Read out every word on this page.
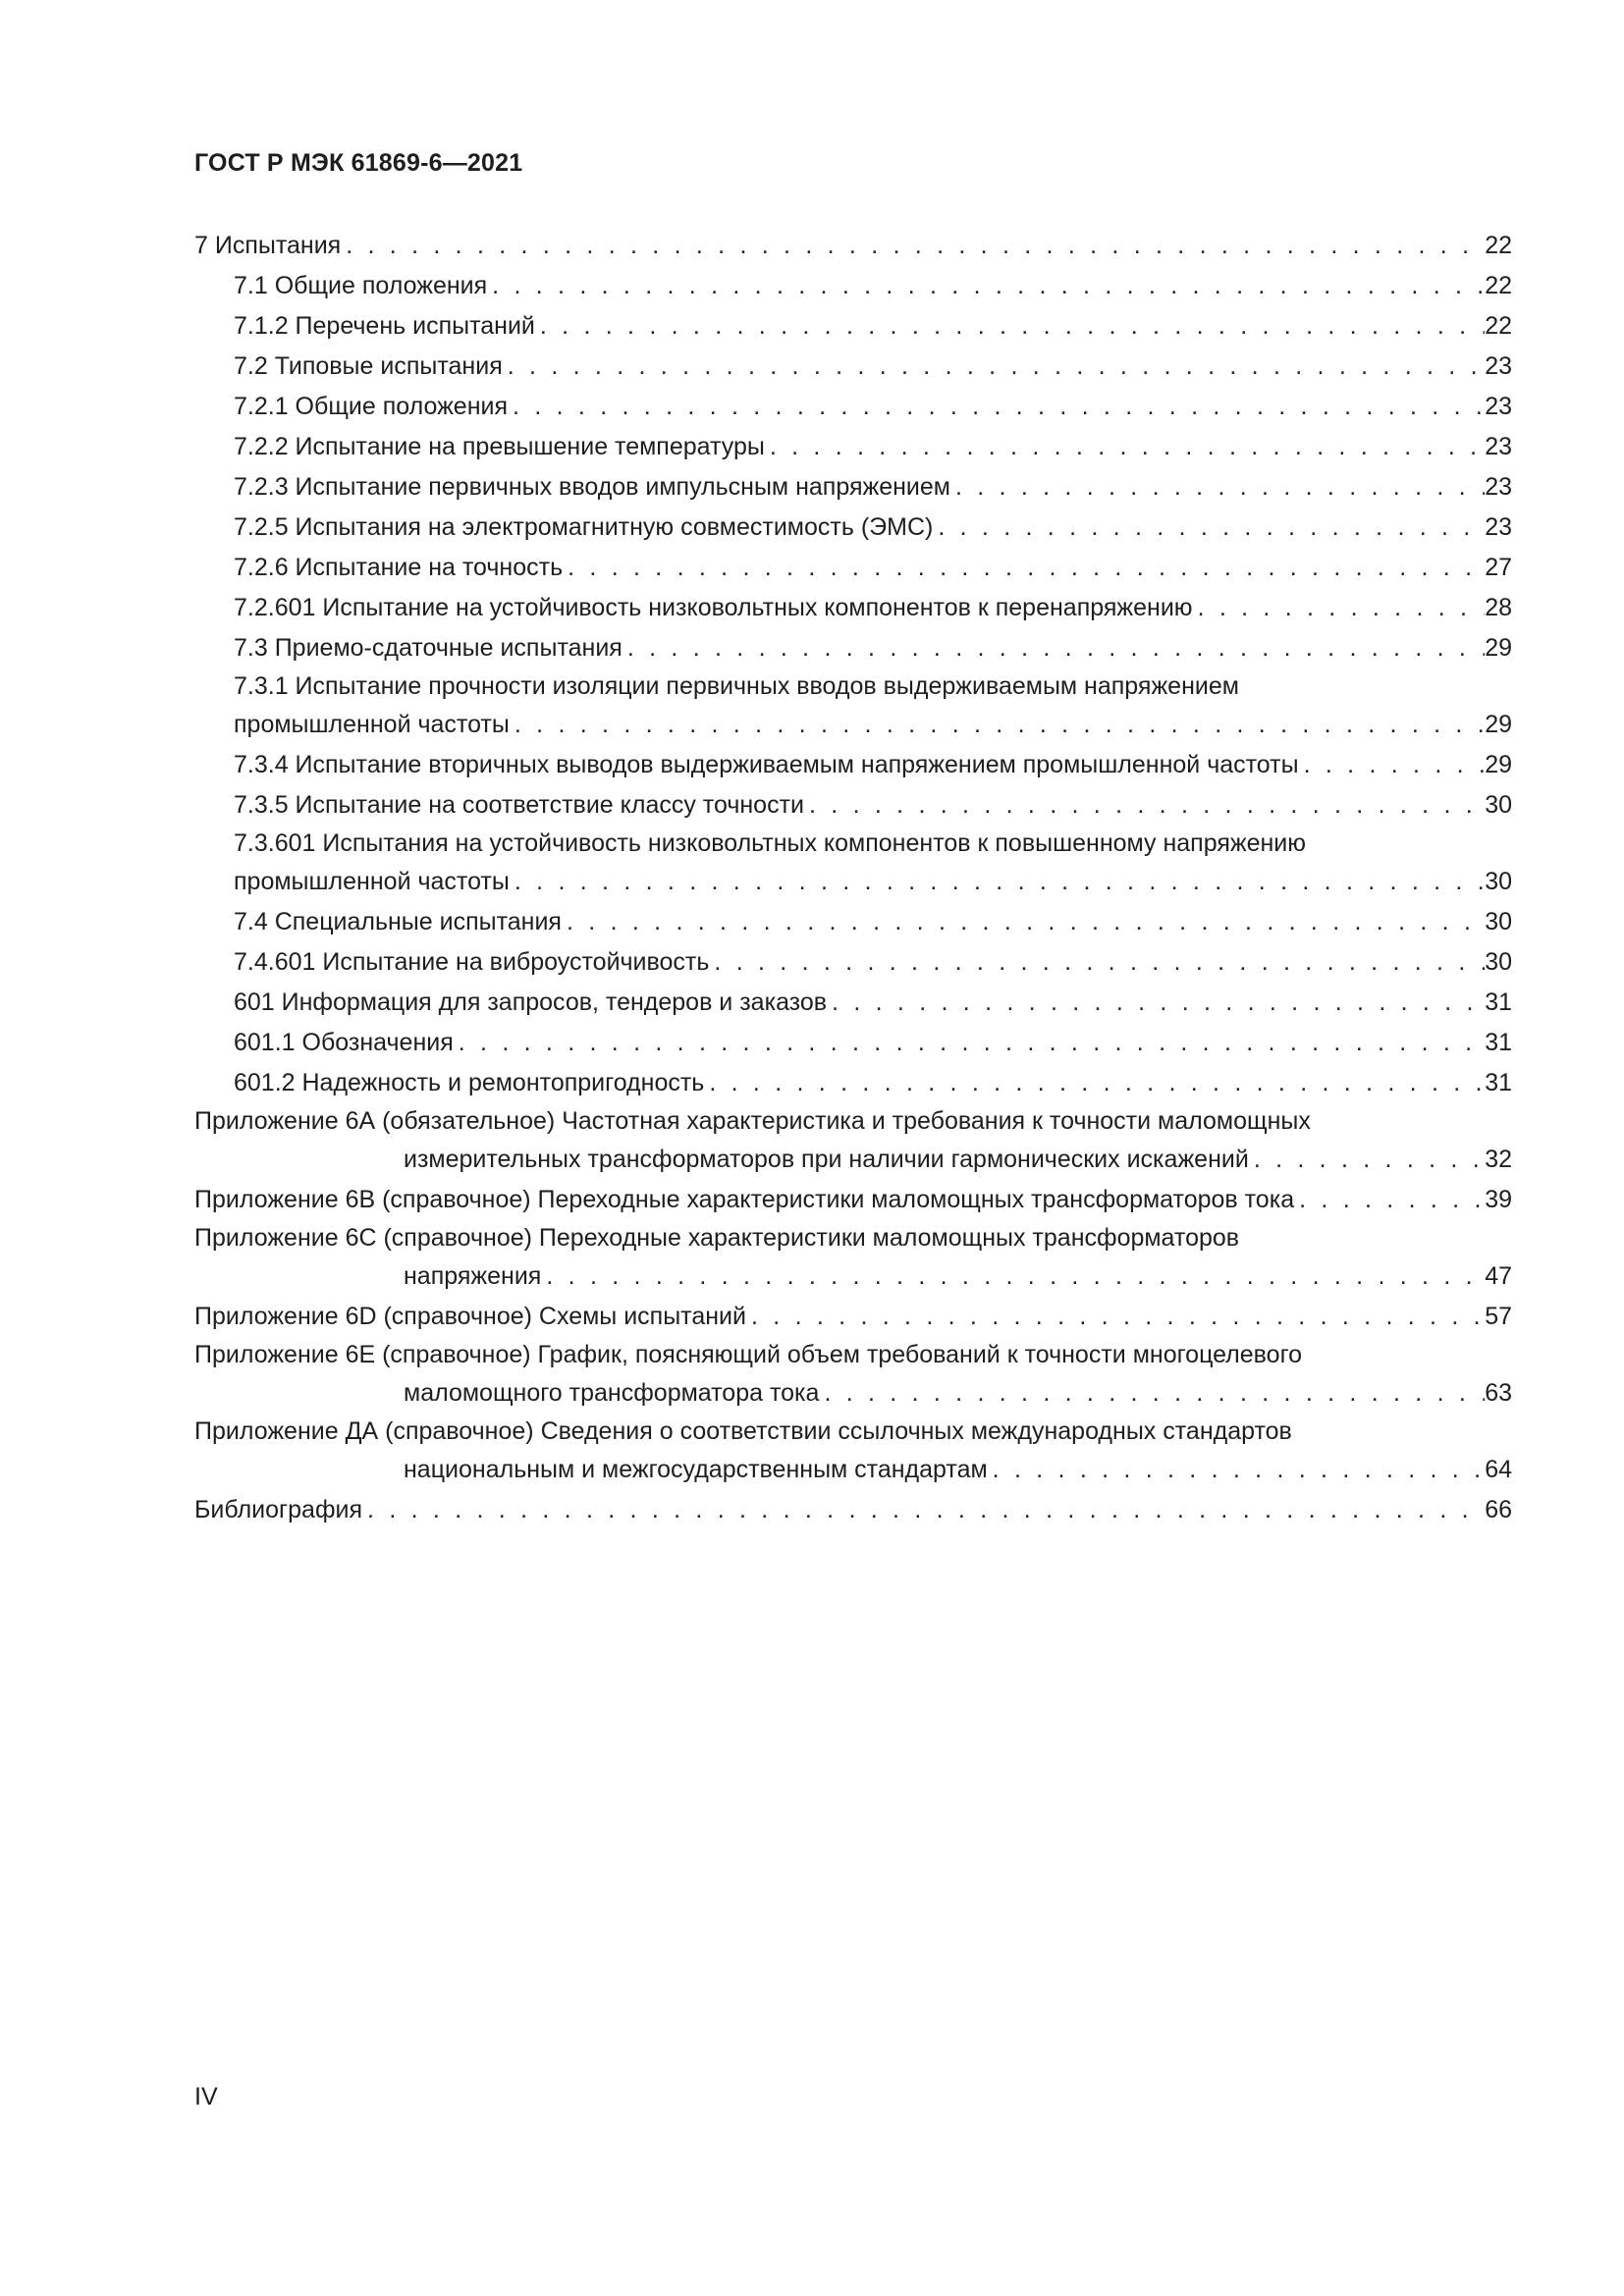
ГОСТ Р МЭК 61869-6—2021
7 Испытания . . .	22
7.1 Общие положения . . .	22
7.1.2 Перечень испытаний . . .	22
7.2 Типовые испытания . . .	23
7.2.1 Общие положения . . .	23
7.2.2 Испытание на превышение температуры . . .	23
7.2.3 Испытание первичных вводов импульсным напряжением . . .	23
7.2.5 Испытания на электромагнитную совместимость (ЭМС) . . .	23
7.2.6 Испытание на точность . . .	27
7.2.601 Испытание на устойчивость низковольтных компонентов к перенапряжению . . .	28
7.3 Приемо-сдаточные испытания . . .	29
7.3.1 Испытание прочности изоляции первичных вводов выдерживаемым напряжением
промышленной частоты . . .	29
7.3.4 Испытание вторичных выводов выдерживаемым напряжением промышленной частоты . . .	29
7.3.5 Испытание на соответствие классу точности . . .	30
7.3.601 Испытания на устойчивость низковольтных компонентов к повышенному напряжению
промышленной частоты . . .	30
7.4 Специальные испытания . . .	30
7.4.601 Испытание на виброустойчивость . . .	30
601 Информация для запросов, тендеров и заказов . . .	31
601.1 Обозначения . . .	31
601.2 Надежность и ремонтопригодность . . .	31
Приложение 6А (обязательное) Частотная характеристика и требования к точности маломощных
измерительных трансформаторов при наличии гармонических искажений . . .	32
Приложение 6В (справочное) Переходные характеристики маломощных трансформаторов тока . . .	39
Приложение 6С (справочное) Переходные характеристики маломощных трансформаторов
напряжения . . .	47
Приложение 6D (справочное) Схемы испытаний . . .	57
Приложение 6Е (справочное) График, поясняющий объем требований к точности многоцелевого
маломощного трансформатора тока . . .	63
Приложение ДА (справочное) Сведения о соответствии ссылочных международных стандартов
национальным и межгосударственным стандартам . . .	64
Библиография . . .	66
IV
